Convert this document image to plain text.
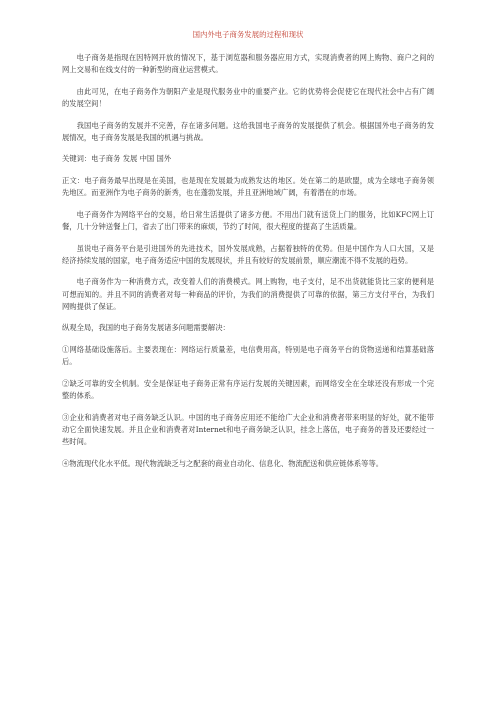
国内外电子商务发展的过程和现状

电子商务是指现在因特网开放的情况下，基于浏览器和服务器应用方式，实现消费者的网上购物、商户之间的网上交易和在线支付的一种新型的商业运营模式。

由此可见，在电子商务作为朝阳产业是现代服务业中的重要产业。它的优势将会促使它在现代社会中占有广阔的发展空间！

我国电子商务的发展并不完善，存在诸多问题。这给我国电子商务的发展提供了机会。根据国外电子商务的发展情况，电子商务发展是我国的机遇与挑战。

关键词：电子商务 发展 中国 国外

正文：电子商务最早出现是在美国，也是现在发展最为成熟发达的地区。处在第二的是欧盟，成为全球电子商务领先地区。而亚洲作为电子商务的新秀，也在蓬勃发展，并且亚洲地域广阔，有着潜在的市场。

电子商务作为网络平台的交易，给日常生活提供了诸多方便。不用出门就有送货上门的服务，比如KFC网上订餐，几十分钟送餐上门，省去了出门带来的麻烦，节约了时间，很大程度的提高了生活质量。

虽说电子商务平台是引进国外的先进技术，国外发展成熟，占据着独特的优势。但是中国作为人口大国，又是经济持续发展的国家，电子商务适应中国的发展现状，并且有较好的发展前景，顺应潮流不得不发展的趋势。

电子商务作为一种消费方式，改变着人们的消费模式。网上购物，电子支付，足不出货就能货比三家的便利是可想而知的。并且不同的消费者对每一种商品的评价，为我们的消费提供了可靠的依据，第三方支付平台，为我们网购提供了保证。

纵观全局，我国的电子商务发展诸多问题需要解决：

①网络基础设施落后。主要表现在：网络运行质量差，电信费用高，特别是电子商务平台的货物送递和结算基础落后。

②缺乏可靠的安全机制。安全是保证电子商务正常有序运行发展的关键因素，而网络安全在全球还没有形成一个完整的体系。

③企业和消费者对电子商务缺乏认识。中国的电子商务应用还不能给广大企业和消费者带来明显的好处，就不能带动它全面快速发展。并且企业和消费者对Internet和电子商务缺乏认识，挂念上落伍，电子商务的普及还要经过一些时间。

④物流现代化水平低。现代物流缺乏与之配套的商业自动化、信息化、物流配送和供应链体系等等。
